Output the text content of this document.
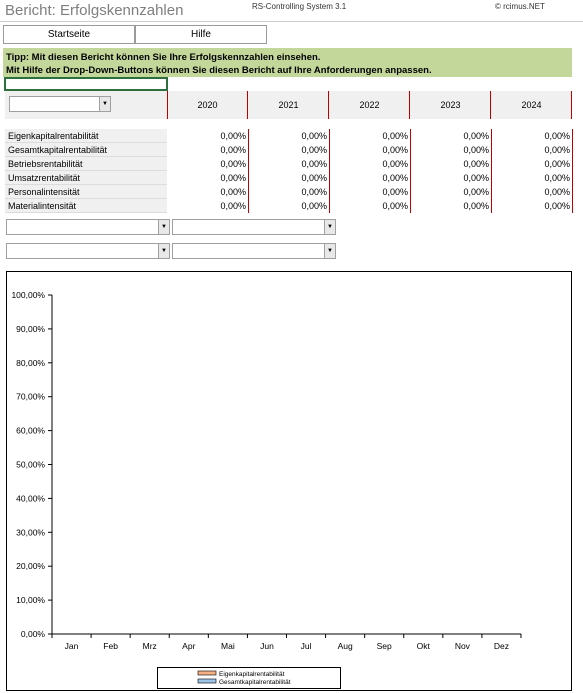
Bericht: Erfolgskennzahlen	RS-Controlling System 3.1	© rcimus.NET
Startseite	Hilfe
Tipp: Mit diesen Bericht können Sie Ihre Erfolgskennzahlen einsehen.
Mit Hilfe der Drop-Down-Buttons können Sie diesen Bericht auf Ihre Anforderungen anpassen.
▼	2020	2021	2022	2023	2024
Eigenkapitalrentabilität	0,00%	0,00%	0,00%	0,00%	0,00%
Gesamtkapitalrentabilität	0,00%	0,00%	0,00%	0,00%	0,00%
Betriebsrentabilität	0,00%	0,00%	0,00%	0,00%	0,00%
Umsatzrentabilität	0,00%	0,00%	0,00%	0,00%	0,00%
Personalintensität	0,00%	0,00%	0,00%	0,00%	0,00%
Materialintensität	0,00%	0,00%	0,00%	0,00%	0,00%
▼	▼
▼	▼
0,00%
10,00%
20,00%
30,00%
40,00%
50,00%
60,00%
70,00%
80,00%
90,00%
100,00%
Jan	Feb	Mrz	Apr	Mai	Jun	Jul	Aug	Sep	Okt	Nov	Dez
Eigenkapitalrentabilität
Gesamtkapitalrentabilität
